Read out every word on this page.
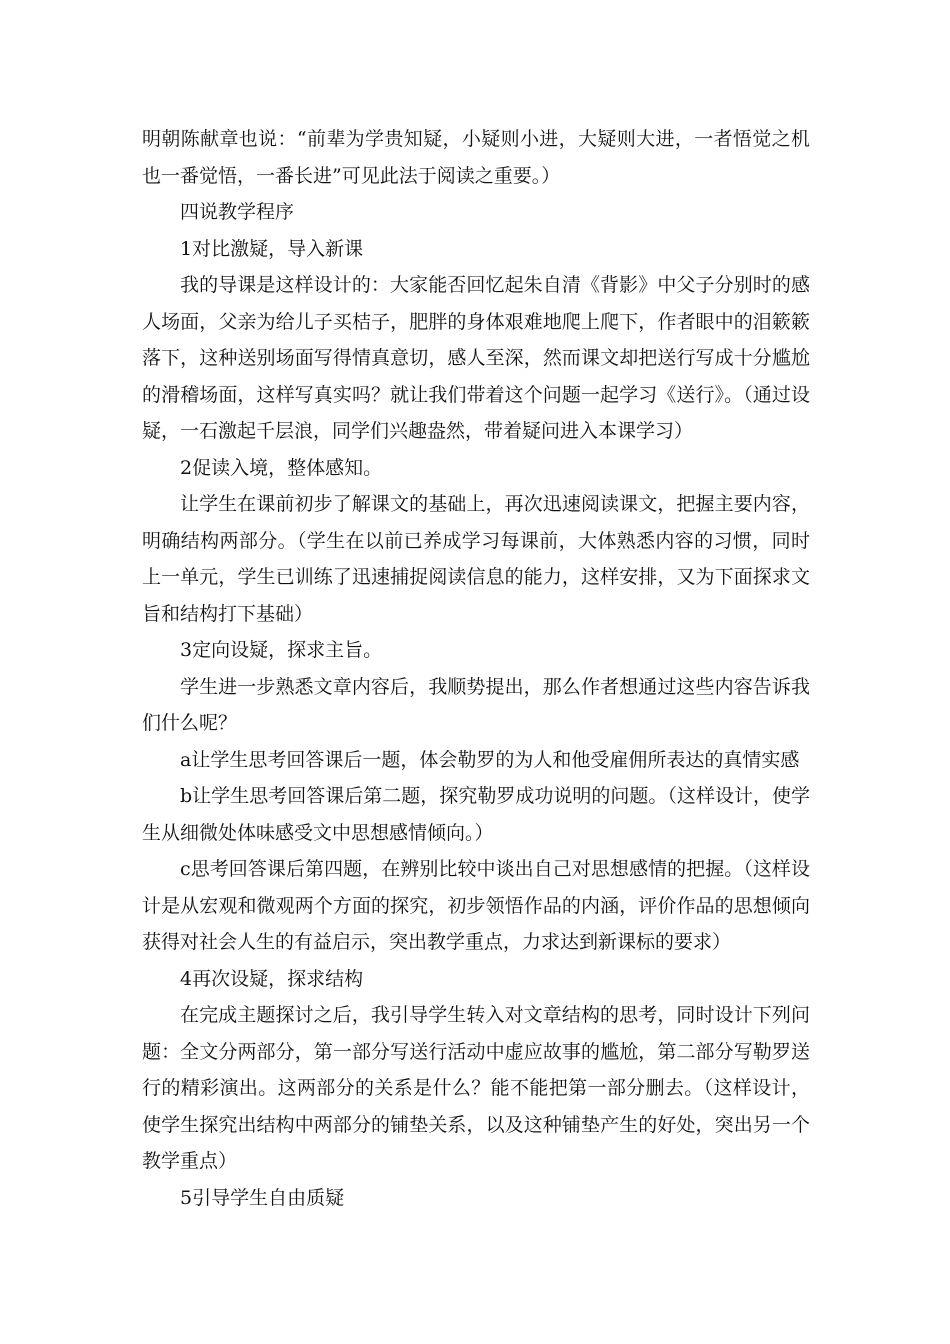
明朝陈献章也说：“前辈为学贵知疑，小疑则小进，大疑则大进，一者悟觉之机也一番觉悟，一番长进”可见此法于阅读之重要。）

四说教学程序

1对比激疑，导入新课

我的导课是这样设计的：大家能否回忆起朱自清《背影》中父子分别时的感人场面，父亲为给儿子买桔子，肥胖的身体艰难地爬上爬下，作者眼中的泪簌簌落下，这种送别场面写得情真意切，感人至深，然而课文却把送行写成十分尴尬的滑稽场面，这样写真实吗？就让我们带着这个问题一起学习《送行》。（通过设疑，一石激起千层浪，同学们兴趣盎然，带着疑问进入本课学习）

2促读入境，整体感知。

让学生在课前初步了解课文的基础上，再次迅速阅读课文，把握主要内容，明确结构两部分。（学生在以前已养成学习每课前，大体熟悉内容的习惯，同时上一单元，学生已训练了迅速捕捉阅读信息的能力，这样安排，又为下面探求文旨和结构打下基础）

3定向设疑，探求主旨。

学生进一步熟悉文章内容后，我顺势提出，那么作者想通过这些内容告诉我们什么呢？

a让学生思考回答课后一题，体会勒罗的为人和他受雇佣所表达的真情实感

b让学生思考回答课后第二题，探究勒罗成功说明的问题。（这样设计，使学生从细微处体味感受文中思想感情倾向。）

c思考回答课后第四题，在辨别比较中谈出自己对思想感情的把握。（这样设计是从宏观和微观两个方面的探究，初步领悟作品的内涵，评价作品的思想倾向获得对社会人生的有益启示，突出教学重点，力求达到新课标的要求）

4再次设疑，探求结构

在完成主题探讨之后，我引导学生转入对文章结构的思考，同时设计下列问题：全文分两部分，第一部分写送行活动中虚应故事的尴尬，第二部分写勒罗送行的精彩演出。这两部分的关系是什么？能不能把第一部分删去。（这样设计，使学生探究出结构中两部分的铺垫关系，以及这种铺垫产生的好处，突出另一个教学重点）

5引导学生自由质疑
